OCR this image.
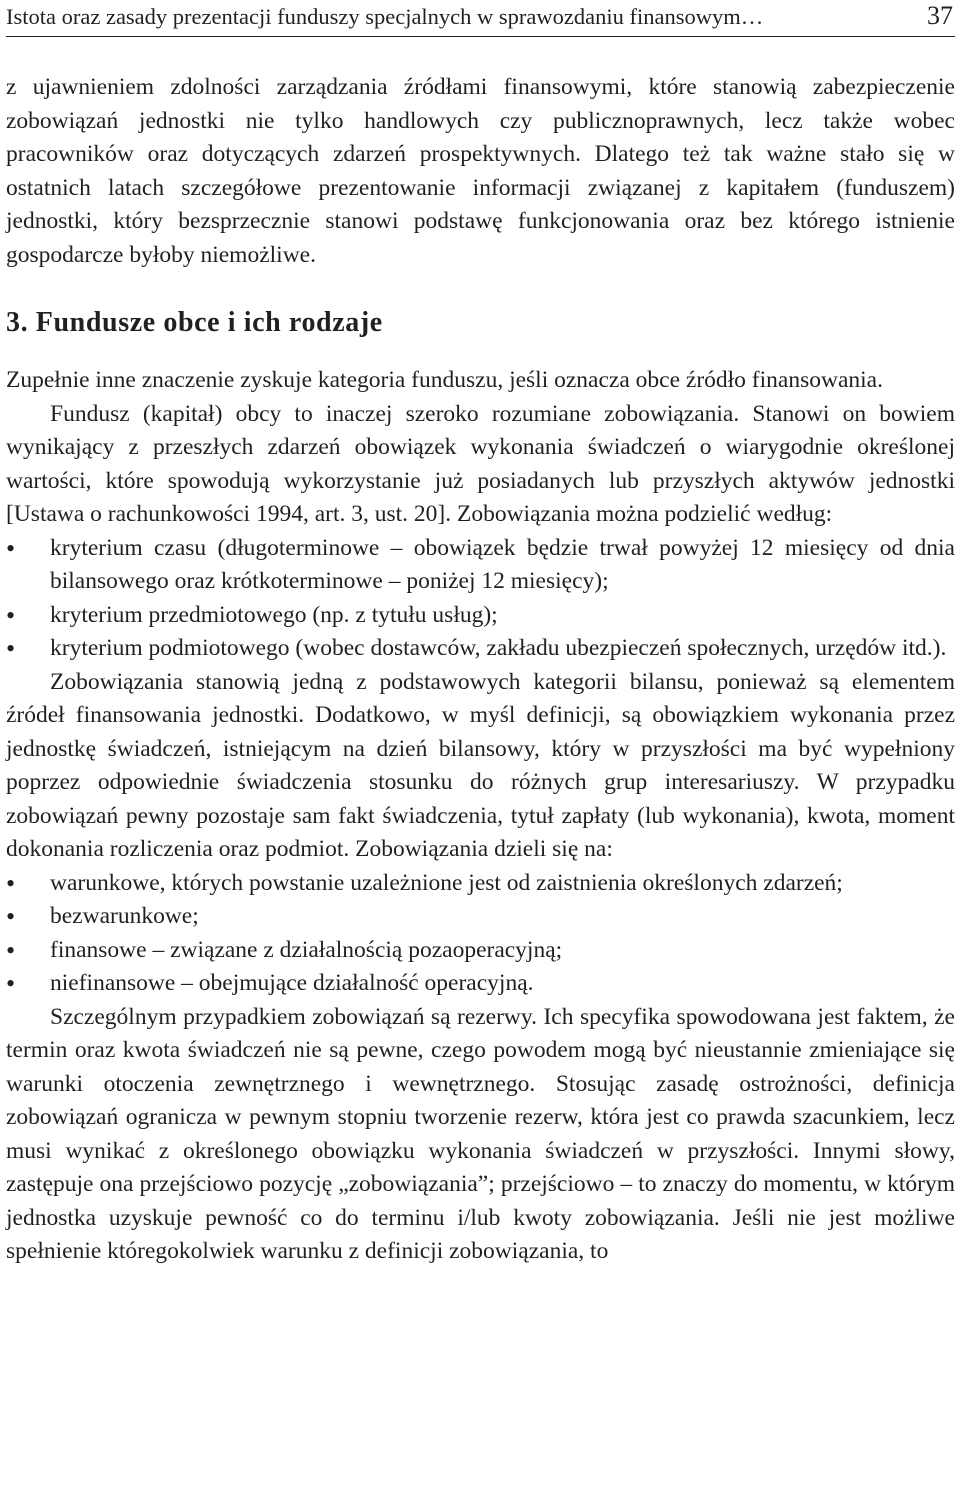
Istota oraz zasady prezentacji funduszy specjalnych w sprawozdaniu finansowym…	37

z ujawnieniem zdolności zarządzania źródłami finansowymi, które stanowią zabezpieczenie zobowiązań jednostki nie tylko handlowych czy publicznoprawnych, lecz także wobec pracowników oraz dotyczących zdarzeń prospektywnych. Dlatego też tak ważne stało się w ostatnich latach szczegółowe prezentowanie informacji związanej z kapitałem (funduszem) jednostki, który bezsprzecznie stanowi podstawę funkcjonowania oraz bez którego istnienie gospodarcze byłoby niemożliwe.

3. Fundusze obce i ich rodzaje

Zupełnie inne znaczenie zyskuje kategoria funduszu, jeśli oznacza obce źródło finansowania.

Fundusz (kapitał) obcy to inaczej szeroko rozumiane zobowiązania. Stanowi on bowiem wynikający z przeszłych zdarzeń obowiązek wykonania świadczeń o wiarygodnie określonej wartości, które spowodują wykorzystanie już posiadanych lub przyszłych aktywów jednostki [Ustawa o rachunkowości 1994, art. 3, ust. 20]. Zobowiązania można podzielić według:

• kryterium czasu (długoterminowe – obowiązek będzie trwał powyżej 12 miesięcy od dnia bilansowego oraz krótkoterminowe – poniżej 12 miesięcy);
• kryterium przedmiotowego (np. z tytułu usług);
• kryterium podmiotowego (wobec dostawców, zakładu ubezpieczeń społecznych, urzędów itd.).

Zobowiązania stanowią jedną z podstawowych kategorii bilansu, ponieważ są elementem źródeł finansowania jednostki. Dodatkowo, w myśl definicji, są obowiązkiem wykonania przez jednostkę świadczeń, istniejącym na dzień bilansowy, który w przyszłości ma być wypełniony poprzez odpowiednie świadczenia stosunku do różnych grup interesariuszy. W przypadku zobowiązań pewny pozostaje sam fakt świadczenia, tytuł zapłaty (lub wykonania), kwota, moment dokonania rozliczenia oraz podmiot. Zobowiązania dzieli się na:

• warunkowe, których powstanie uzależnione jest od zaistnienia określonych zdarzeń;
• bezwarunkowe;
• finansowe – związane z działalnością pozaoperacyjną;
• niefinansowe – obejmujące działalność operacyjną.

Szczególnym przypadkiem zobowiązań są rezerwy. Ich specyfika spowodowana jest faktem, że termin oraz kwota świadczeń nie są pewne, czego powodem mogą być nieustannie zmieniające się warunki otoczenia zewnętrznego i wewnętrznego. Stosując zasadę ostrożności, definicja zobowiązań ogranicza w pewnym stopniu tworzenie rezerw, która jest co prawda szacunkiem, lecz musi wynikać z określonego obowiązku wykonania świadczeń w przyszłości. Innymi słowy, zastępuje ona przejściowo pozycję „zobowiązania”; przejściowo – to znaczy do momentu, w którym jednostka uzyskuje pewność co do terminu i/lub kwoty zobowiązania. Jeśli nie jest możliwe spełnienie któregokolwiek warunku z definicji zobowiązania, to
